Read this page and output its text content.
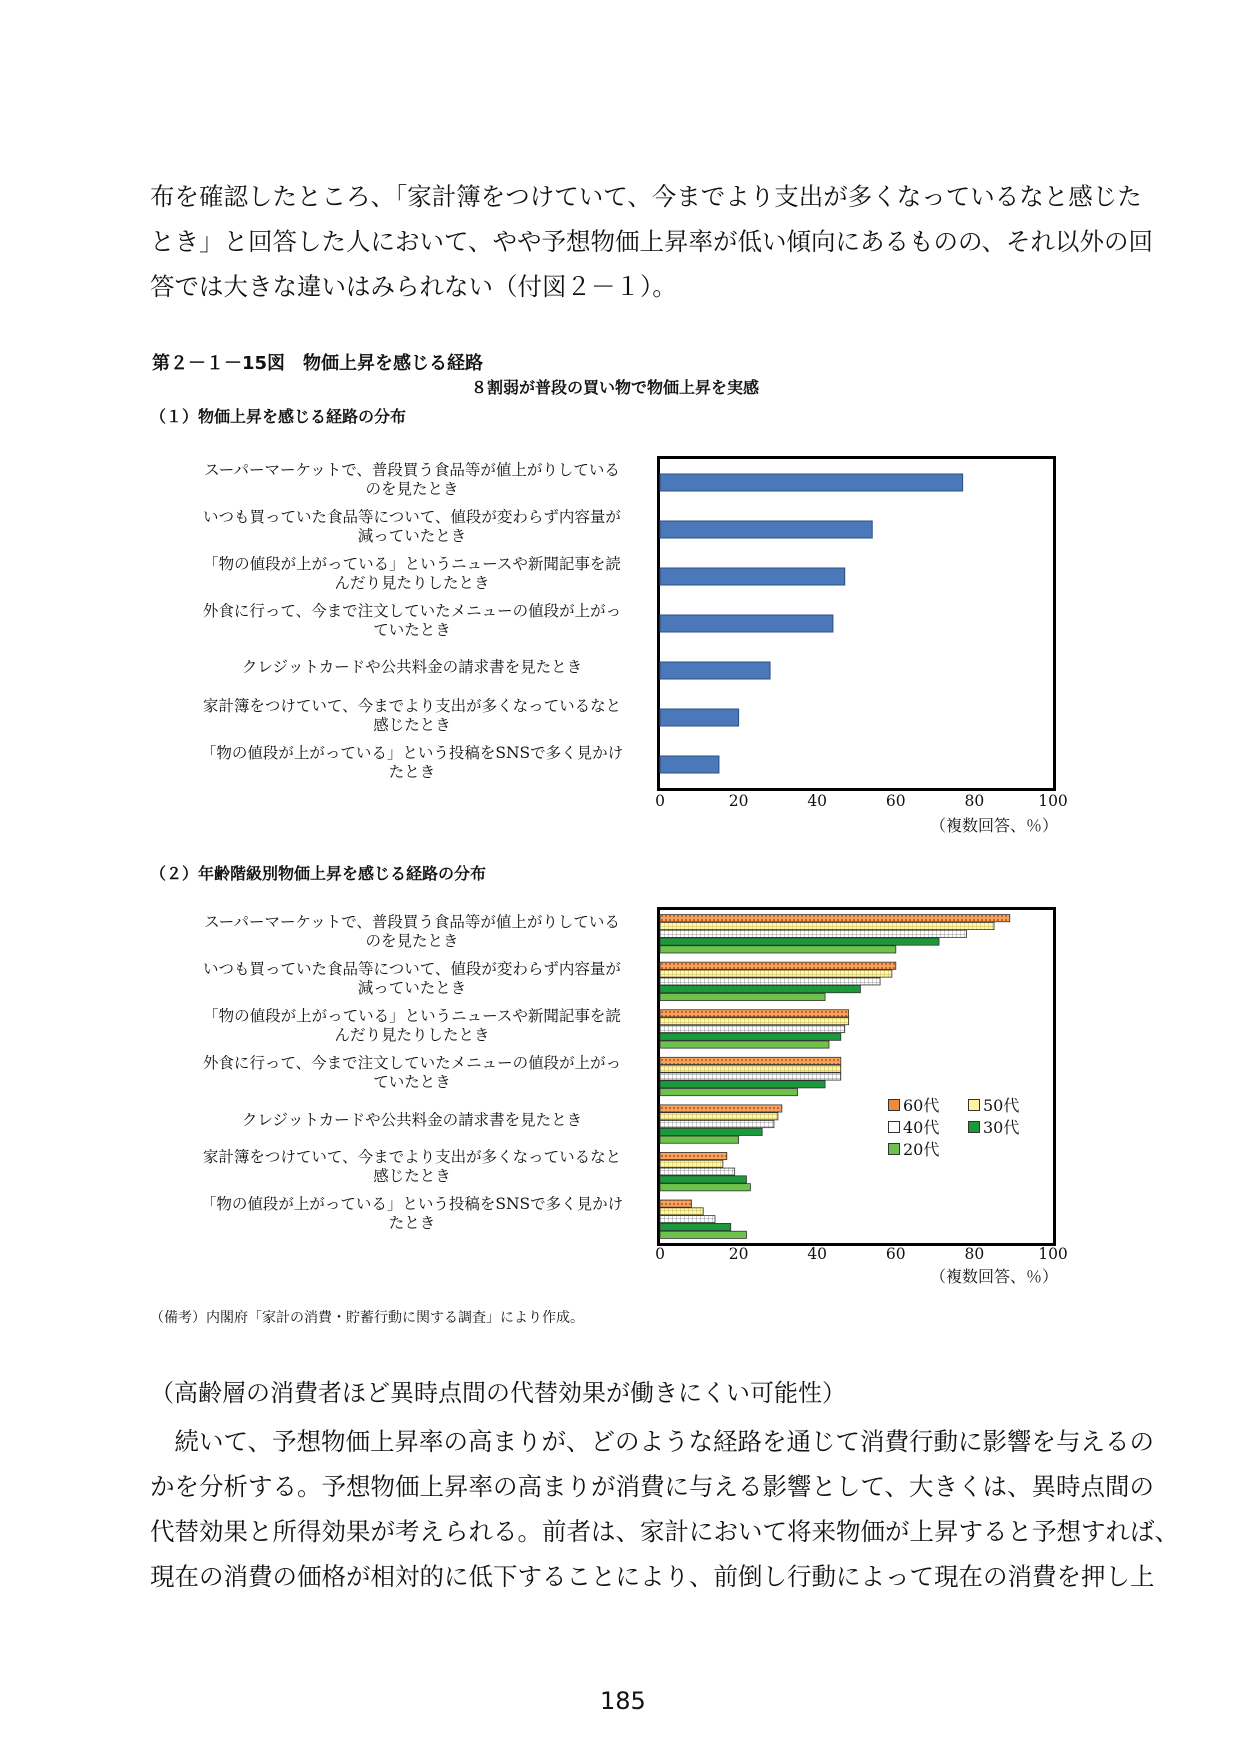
布を確認したところ、「家計簿をつけていて、今までより支出が多くなっているなと感じた

とき」と回答した人において、やや予想物価上昇率が低い傾向にあるものの、それ以外の回

答では大きな違いはみられない（付図２－１）。

第２－１－15図　物価上昇を感じる経路
８割弱が普段の買い物で物価上昇を実感
（１）物価上昇を感じる経路の分布
（２）年齢階級別物価上昇を感じる経路の分布
スーパーマーケットで、普段買う食品等が値上がりしている
のを見たとき
いつも買っていた食品等について、値段が変わらず内容量が
減っていたとき
「物の値段が上がっている」というニュースや新聞記事を読
んだり見たりしたとき
外食に行って、今まで注文していたメニューの値段が上がっ
ていたとき
クレジットカードや公共料金の請求書を見たとき
家計簿をつけていて、今までより支出が多くなっているなと
感じたとき
「物の値段が上がっている」という投稿をSNSで多く見かけ
たとき
0	20	40	60	80	100
（複数回答、％）
スーパーマーケットで、普段買う食品等が値上がりしている
のを見たとき
いつも買っていた食品等について、値段が変わらず内容量が
減っていたとき
「物の値段が上がっている」というニュースや新聞記事を読
んだり見たりしたとき
外食に行って、今まで注文していたメニューの値段が上がっ
ていたとき
クレジットカードや公共料金の請求書を見たとき
家計簿をつけていて、今までより支出が多くなっているなと
感じたとき
「物の値段が上がっている」という投稿をSNSで多く見かけ
たとき
0	20	40	60	80	100
（複数回答、％）
60代	50代
40代	30代
20代
（備考）内閣府「家計の消費・貯蓄行動に関する調査」により作成。
（高齢層の消費者ほど異時点間の代替効果が働きにくい可能性）

　続いて、予想物価上昇率の高まりが、どのような経路を通じて消費行動に影響を与えるの

かを分析する。予想物価上昇率の高まりが消費に与える影響として、大きくは、異時点間の

代替効果と所得効果が考えられる。前者は、家計において将来物価が上昇すると予想すれば、

現在の消費の価格が相対的に低下することにより、前倒し行動によって現在の消費を押し上

185
